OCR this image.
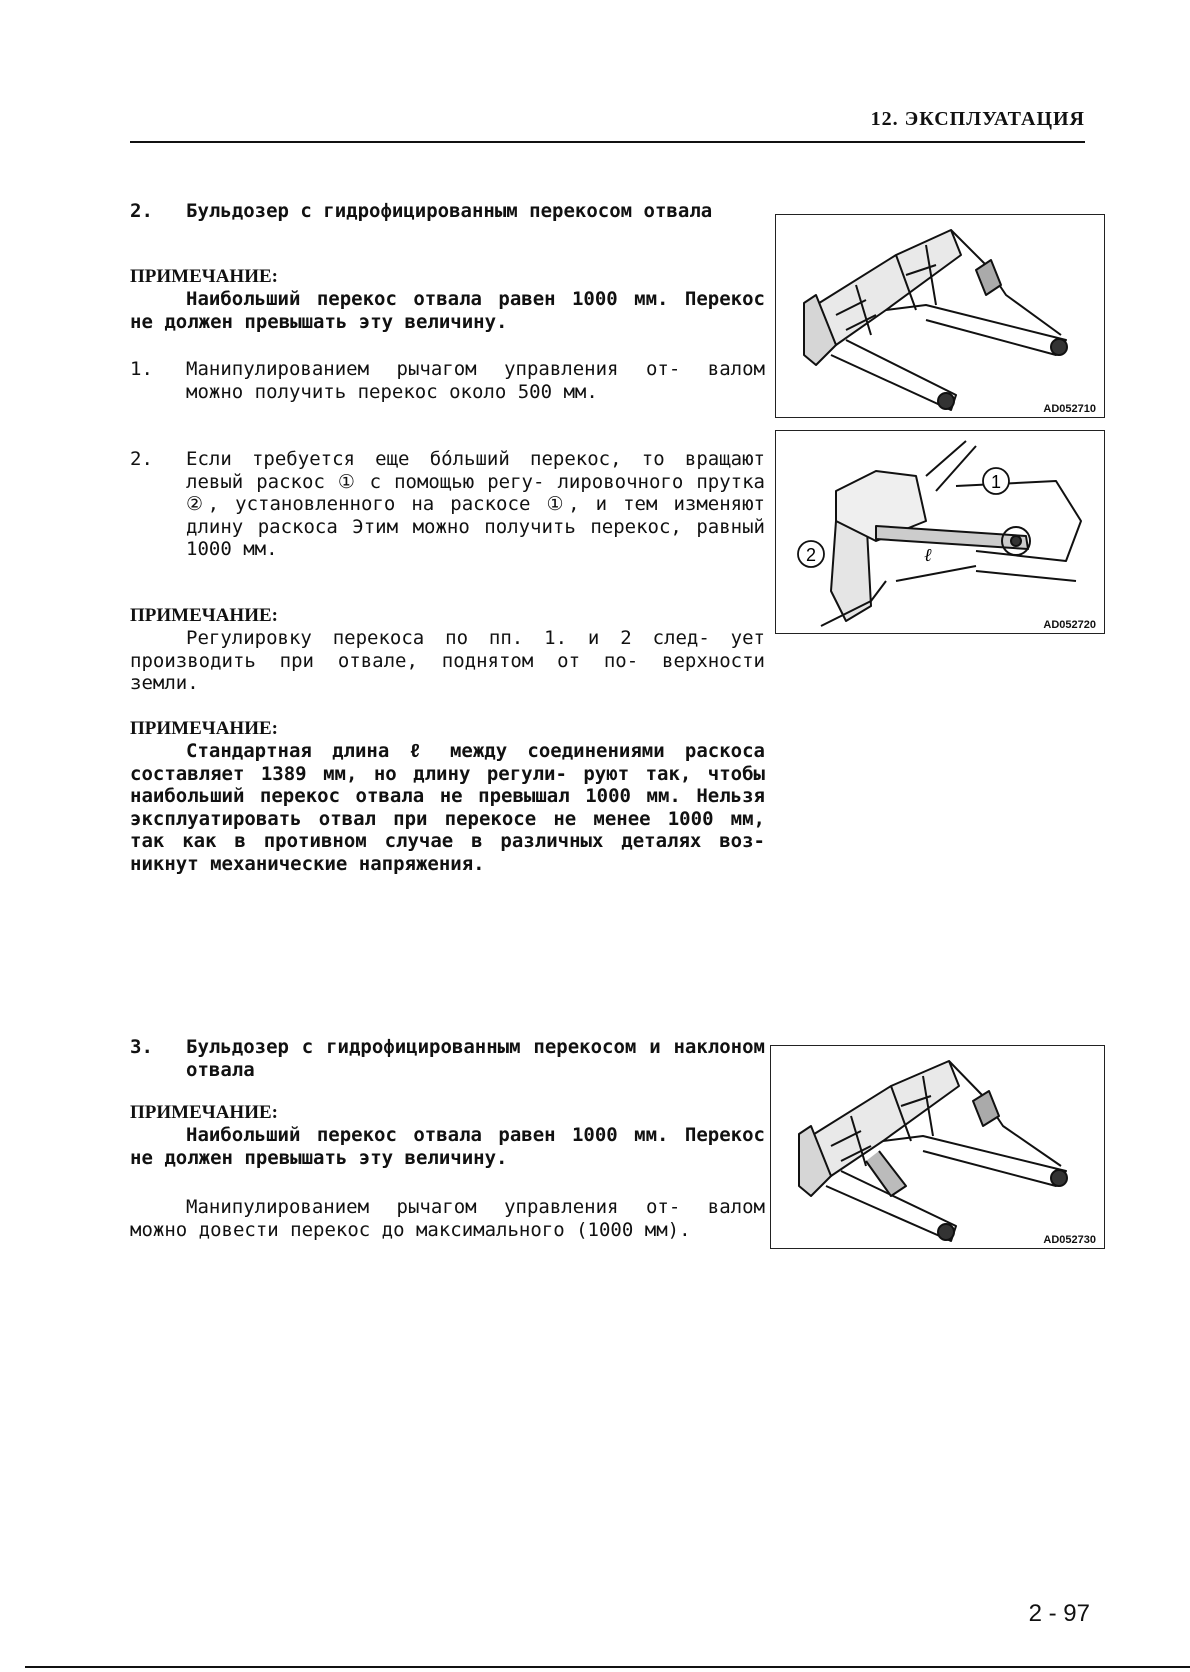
12. ЭКСПЛУАТАЦИЯ
2.	Бульдозер с гидрофицированным перекосом отвала

ПРИМЕЧАНИЕ:

Наибольший перекос отвала равен 1000 мм. Перекос не должен превышать эту величину.

1.	Манипулированием рычагом управления от- валом можно получить перекос около 500 мм.

2.	Если требуется еще бо́льший перекос, то вращают левый раскос ① с помощью регу- лировочного прутка ②, установленного на раскосе ①, и тем изменяют длину раскоса Этим можно получить перекос, равный 1000 мм.

ПРИМЕЧАНИЕ:

Регулировку перекоса по пп. 1. и 2 след- ует производить при отвале, поднятом от по- верхности земли.

ПРИМЕЧАНИЕ:

Стандартная длина ℓ между соединениями раскоса составляет 1389 мм, но длину регули- руют так, чтобы наибольший перекос отвала не превышал 1000 мм. Нельзя эксплуатировать отвал при перекосе не менее 1000 мм, так как в противном случае в различных деталях воз- никнут механические напряжения.

3.	Бульдозер с гидрофицированным перекосом и наклоном отвала

ПРИМЕЧАНИЕ:

Наибольший перекос отвала равен 1000 мм. Перекос не должен превышать эту величину.

Манипулированием рычагом управления от- валом можно довести перекос до максимального (1000 мм).

AD052710
1
2	ℓ
AD052720
AD052730
2 - 97
